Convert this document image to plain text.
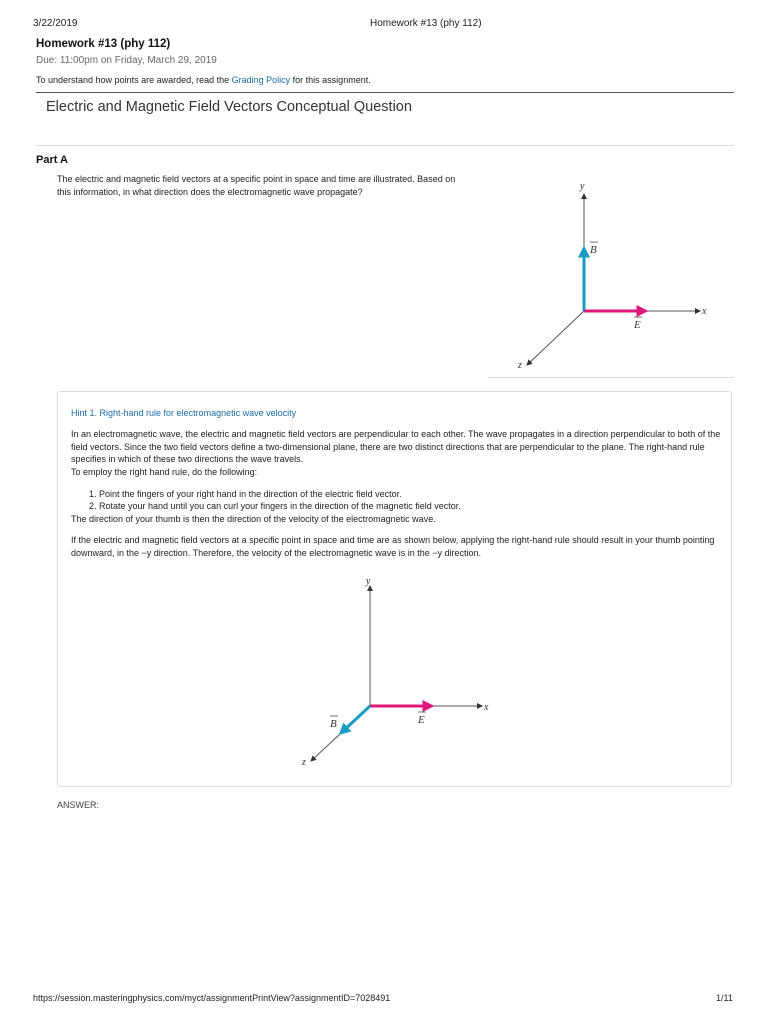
3/22/2019	Homework #13 (phy 112)
Homework #13 (phy 112)
Due: 11:00pm on Friday, March 29, 2019
To understand how points are awarded, read the Grading Policy for this assignment.
Electric and Magnetic Field Vectors Conceptual Question
Part A
The electric and magnetic field vectors at a specific point in space and time are illustrated. Based on this information, in what direction does the electromagnetic wave propagate?	y
x
z
B
E
Hint 1. Right-hand rule for electromagnetic wave velocity
In an electromagnetic wave, the electric and magnetic field vectors are perpendicular to each other. The wave propagates in a direction perpendicular to both of the field vectors. Since the two field vectors define a two-dimensional plane, there are two distinct directions that are perpendicular to the plane. The right-hand rule specifies in which of these two directions the wave travels.
To employ the right hand rule, do the following:
1. Point the fingers of your right hand in the direction of the electric field vector.
2. Rotate your hand until you can curl your fingers in the direction of the magnetic field vector.
The direction of your thumb is then the direction of the velocity of the electromagnetic wave.
If the electric and magnetic field vectors at a specific point in space and time are as shown below, applying the right-hand rule should result in your thumb pointing downward, in the −y direction. Therefore, the velocity of the electromagnetic wave is in the −y direction.
y
x
z
B	E
ANSWER:
https://session.masteringphysics.com/myct/assignmentPrintView?assignmentID=7028491	1/11
